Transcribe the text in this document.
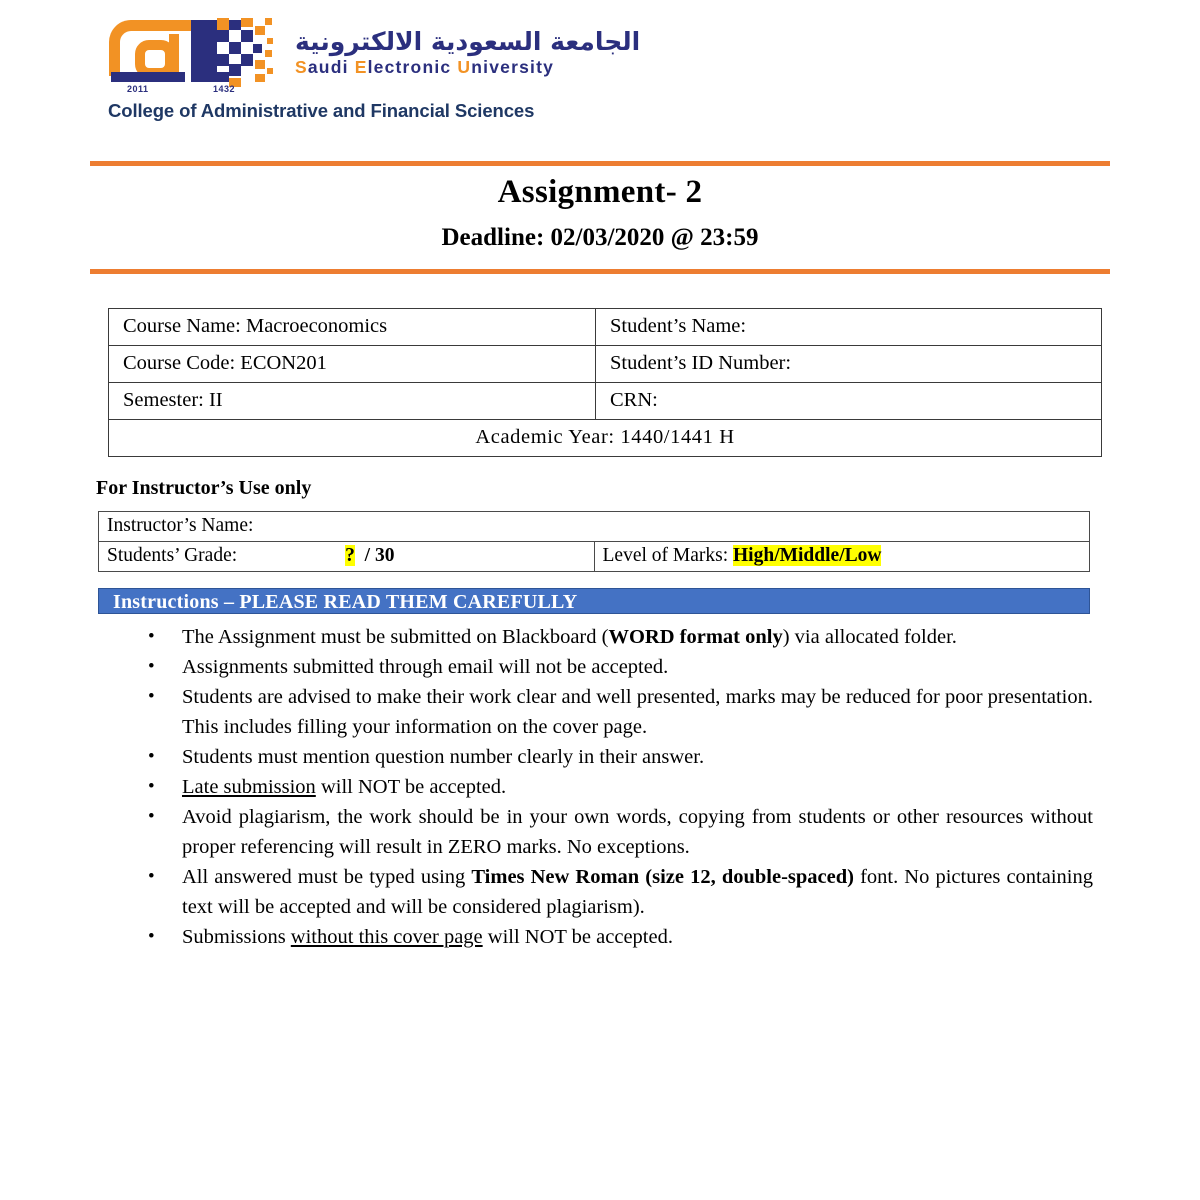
2011	1432
الجامعة السعودية الالكترونية
Saudi Electronic University
College of Administrative and Financial Sciences
Assignment- 2
Deadline: 02/03/2020 @ 23:59
Course Name: Macroeconomics	Student’s Name:
Course Code: ECON201	Student’s ID Number:
Semester: II	CRN:
Academic Year: 1440/1441 H	
For Instructor’s Use only
Instructor’s Name:
Students’ Grade:	? / 30	Level of Marks: High/Middle/Low
Instructions – PLEASE READ THEM CAREFULLY
•	The Assignment must be submitted on Blackboard (WORD format only) via allocated folder.
•	Assignments submitted through email will not be accepted.
•	Students are advised to make their work clear and well presented, marks may be reduced for poor presentation. This includes filling your information on the cover page.
•	Students must mention question number clearly in their answer.
•	Late submission will NOT be accepted.
•	Avoid plagiarism, the work should be in your own words, copying from students or other resources without proper referencing will result in ZERO marks. No exceptions.
•	All answered must be typed using Times New Roman (size 12, double-spaced) font. No pictures containing text will be accepted and will be considered plagiarism).
•	Submissions without this cover page will NOT be accepted.
